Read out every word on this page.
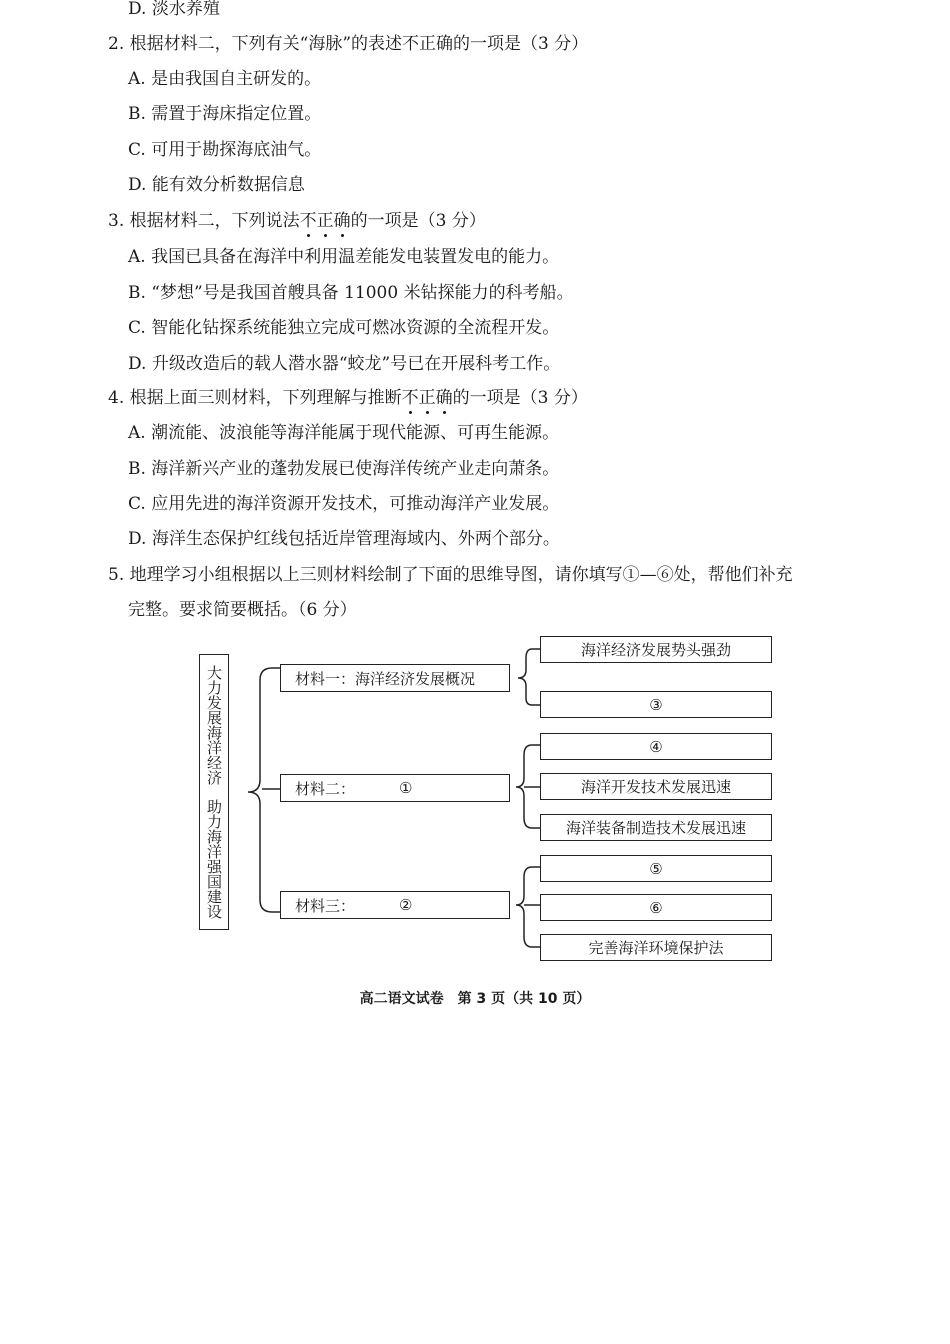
D. 淡水养殖
2. 根据材料二，下列有关“海脉”的表述不正确的一项是（3 分）
A. 是由我国自主研发的。
B. 需置于海床指定位置。
C. 可用于勘探海底油气。
D. 能有效分析数据信息
3. 根据材料二，下列说法不正确的一项是（3 分）
A. 我国已具备在海洋中利用温差能发电装置发电的能力。
B. “梦想”号是我国首艘具备 11000 米钻探能力的科考船。
C. 智能化钻探系统能独立完成可燃冰资源的全流程开发。
D. 升级改造后的载人潜水器“蛟龙”号已在开展科考工作。
4. 根据上面三则材料，下列理解与推断不正确的一项是（3 分）
A. 潮流能、波浪能等海洋能属于现代能源、可再生能源。
B. 海洋新兴产业的蓬勃发展已使海洋传统产业走向萧条。
C. 应用先进的海洋资源开发技术，可推动海洋产业发展。
D. 海洋生态保护红线包括近岸管理海域内、外两个部分。
5. 地理学习小组根据以上三则材料绘制了下面的思维导图，请你填写①—⑥处，帮他们补充
完整。要求简要概括。（6 分）
大力发展海洋经济
助力海洋强国建设
材料一：海洋经济发展概况
材料二：	①
材料三：	②
海洋经济发展势头强劲
③
④
海洋开发技术发展迅速
海洋装备制造技术发展迅速
⑤
⑥
完善海洋环境保护法
高二语文试卷　第 3 页（共 10 页）
